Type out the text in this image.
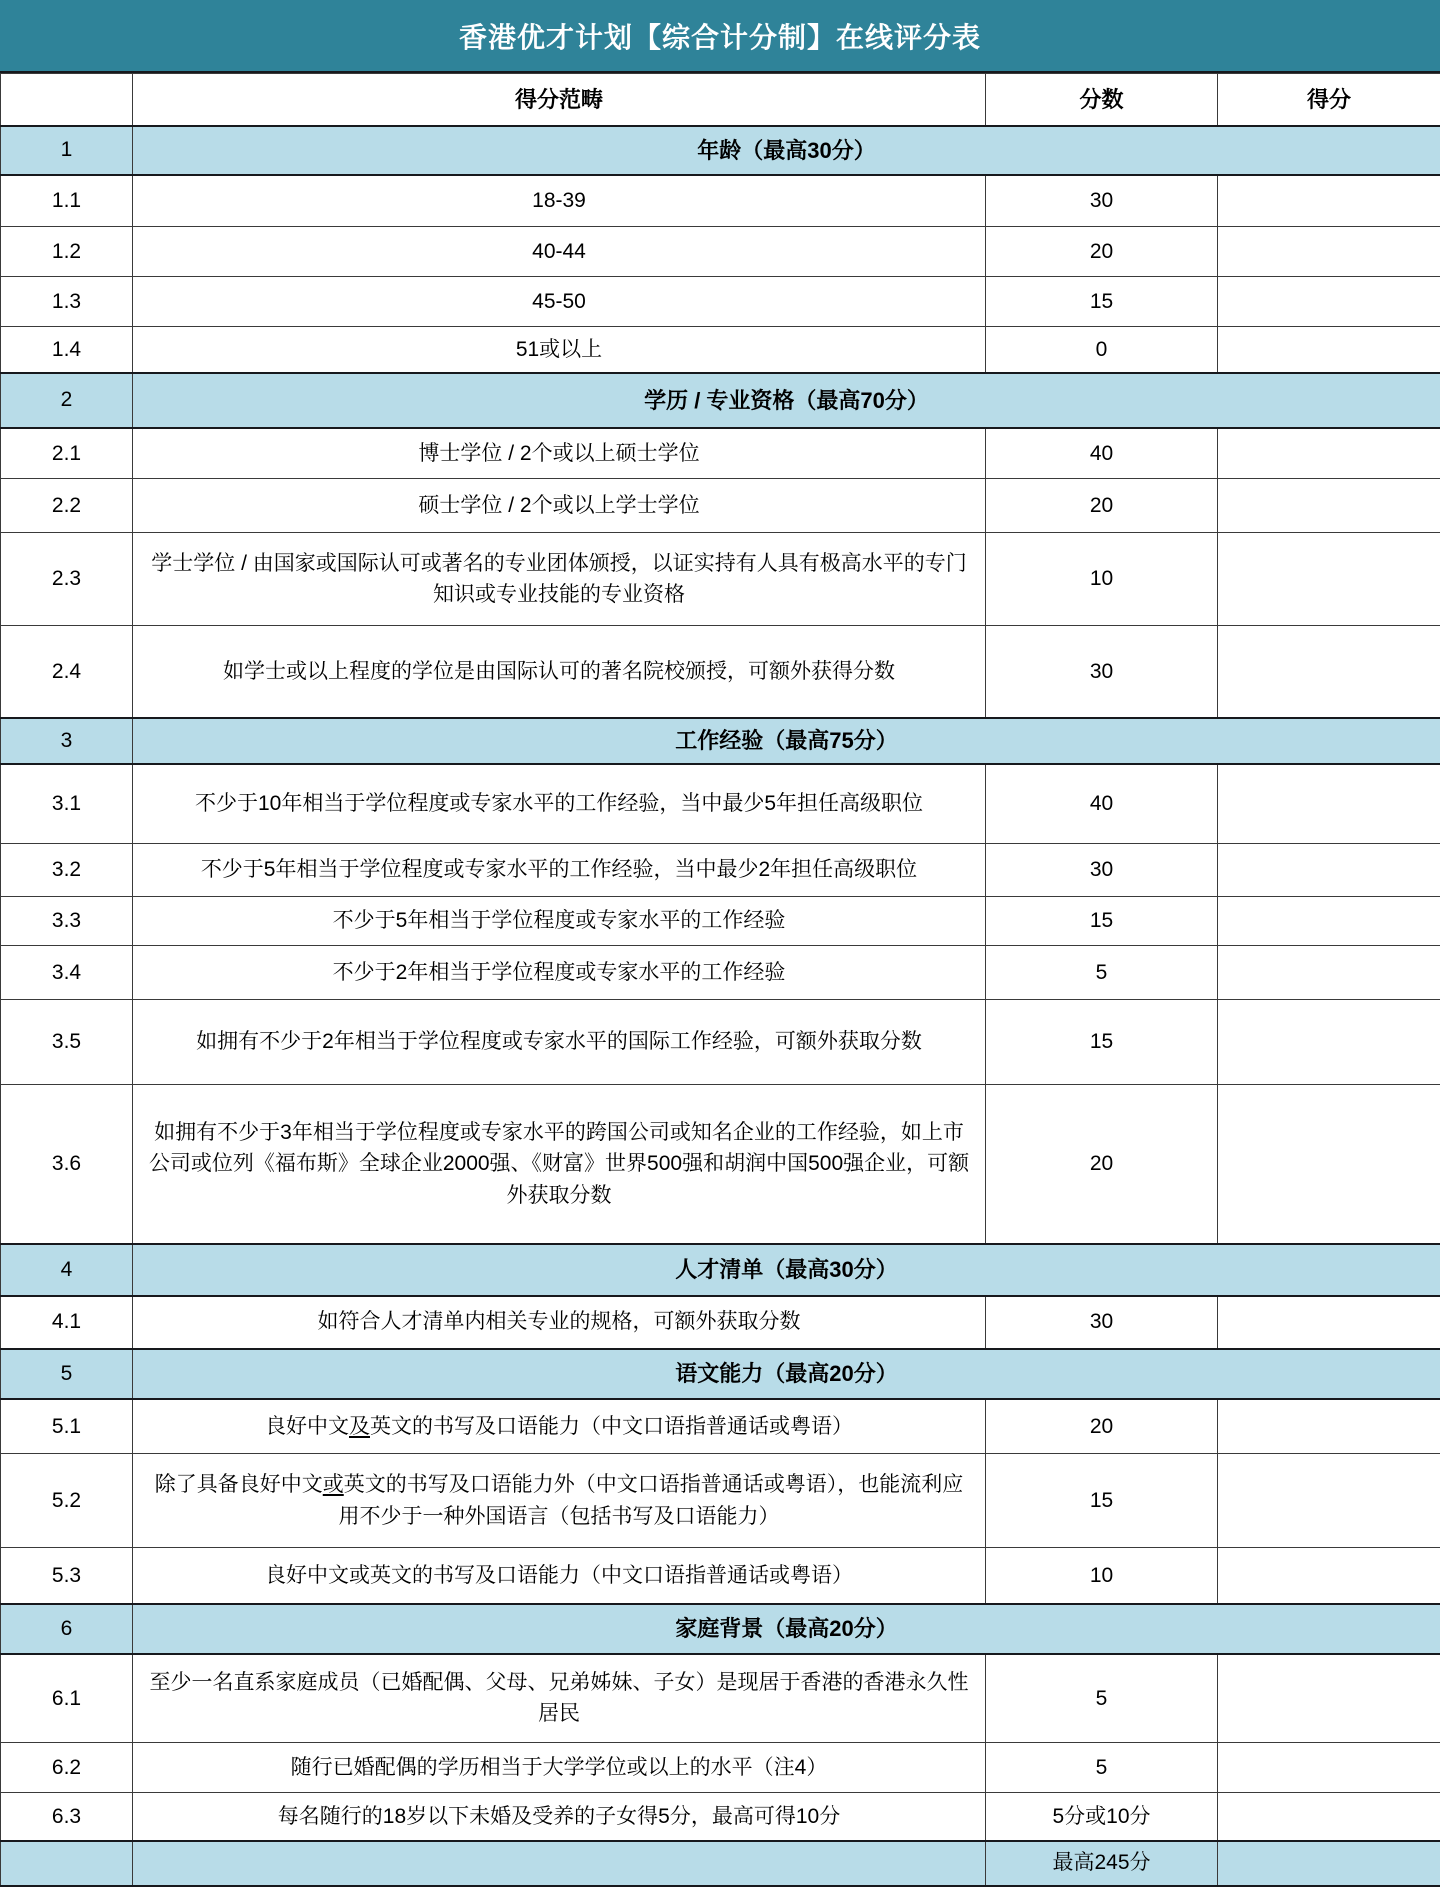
香港优才计划【综合计分制】在线评分表
	得分范畴	分数	得分
1	年龄（最高30分）		
1.1	18-39	30	
1.2	40-44	20	
1.3	45-50	15	
1.4	51或以上	0	
2	学历 / 专业资格（最高70分）		
2.1	博士学位 / 2个或以上硕士学位	40	
2.2	硕士学位 / 2个或以上学士学位	20	
2.3	学士学位 / 由国家或国际认可或著名的专业团体颁授，以证实持有人具有极高水平的专门知识或专业技能的专业资格	10	
2.4	如学士或以上程度的学位是由国际认可的著名院校颁授，可额外获得分数	30	
3	工作经验（最高75分）		
3.1	不少于10年相当于学位程度或专家水平的工作经验，当中最少5年担任高级职位	40	
3.2	不少于5年相当于学位程度或专家水平的工作经验，当中最少2年担任高级职位	30	
3.3	不少于5年相当于学位程度或专家水平的工作经验	15	
3.4	不少于2年相当于学位程度或专家水平的工作经验	5	
3.5	如拥有不少于2年相当于学位程度或专家水平的国际工作经验，可额外获取分数	15	
3.6	如拥有不少于3年相当于学位程度或专家水平的跨国公司或知名企业的工作经验，如上市公司或位列《福布斯》全球企业2000强、《财富》世界500强和胡润中国500强企业，可额外获取分数	20	
4	人才清单（最高30分）		
4.1	如符合人才清单内相关专业的规格，可额外获取分数	30	
5	语文能力（最高20分）		
5.1	良好中文及英文的书写及口语能力（中文口语指普通话或粤语）	20	
5.2	除了具备良好中文或英文的书写及口语能力外（中文口语指普通话或粤语），也能流利应用不少于一种外国语言（包括书写及口语能力）	15	
5.3	良好中文或英文的书写及口语能力（中文口语指普通话或粤语）	10	
6	家庭背景（最高20分）		
6.1	至少一名直系家庭成员（已婚配偶、父母、兄弟姊妹、子女）是现居于香港的香港永久性居民	5	
6.2	随行已婚配偶的学历相当于大学学位或以上的水平（注4）	5	
6.3	每名随行的18岁以下未婚及受养的子女得5分，最高可得10分	5分或10分	
		最高245分	
